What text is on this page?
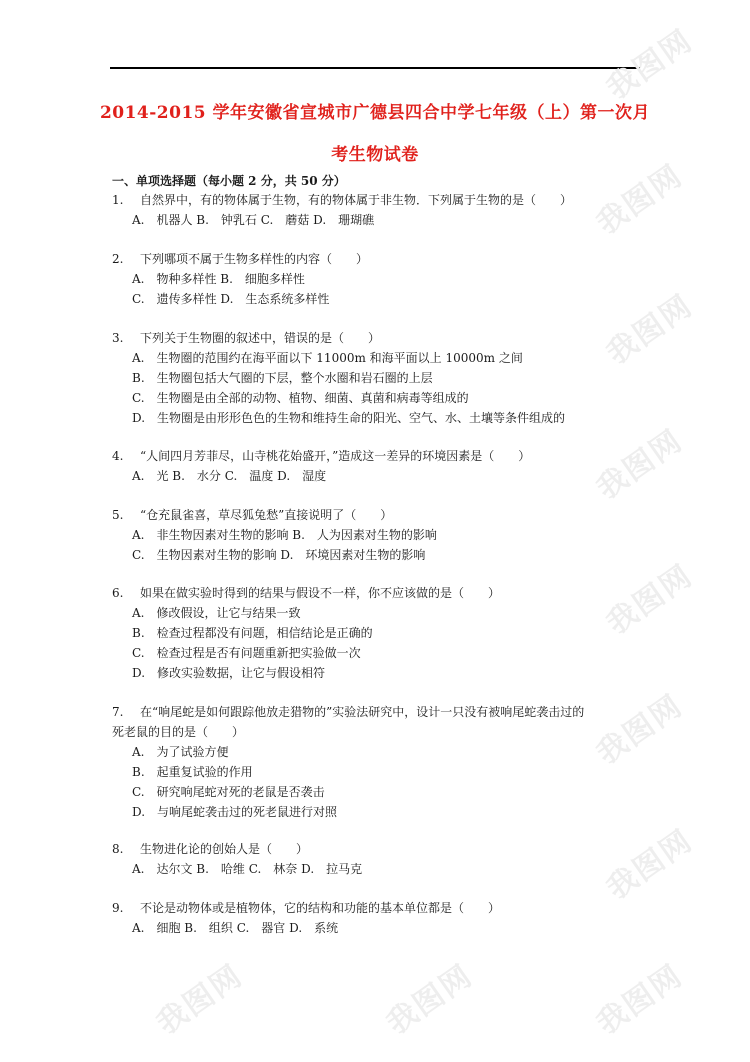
2014-2015 学年安徽省宣城市广德县四合中学七年级（上）第一次月
考生物试卷
一、单项选择题（每小题 2 分，共 50 分）
1. 自然界中，有的物体属于生物，有的物体属于非生物．下列属于生物的是（　　）
A.　机器人 B.　钟乳石 C.　蘑菇 D.　珊瑚礁
2. 下列哪项不属于生物多样性的内容（　　）
A.　物种多样性 B.　细胞多样性
C.　遗传多样性 D.　生态系统多样性
3. 下列关于生物圈的叙述中，错误的是（　　）
A.　生物圈的范围约在海平面以下 11000m 和海平面以上 10000m 之间
B.　生物圈包括大气圈的下层，整个水圈和岩石圈的上层
C.　生物圈是由全部的动物、植物、细菌、真菌和病毒等组成的
D.　生物圈是由形形色色的生物和维持生命的阳光、空气、水、土壤等条件组成的
4. “人间四月芳菲尽，山寺桃花始盛开，”造成这一差异的环境因素是（　　）
A.　光 B.　水分 C.　温度 D.　湿度
5. “仓充鼠雀喜，草尽狐兔愁”直接说明了（　　）
A.　非生物因素对生物的影响 B.　人为因素对生物的影响
C.　生物因素对生物的影响 D.　环境因素对生物的影响
6. 如果在做实验时得到的结果与假设不一样，你不应该做的是（　　）
A.　修改假设，让它与结果一致
B.　检查过程都没有问题，相信结论是正确的
C.　检查过程是否有问题重新把实验做一次
D.　修改实验数据，让它与假设相符
7. 在“响尾蛇是如何跟踪他放走猎物的”实验法研究中，设计一只没有被响尾蛇袭击过的
死老鼠的目的是（　　）
A.　为了试验方便
B.　起重复试验的作用
C.　研究响尾蛇对死的老鼠是否袭击
D.　与响尾蛇袭击过的死老鼠进行对照
8. 生物进化论的创始人是（　　）
A.　达尔文 B.　哈维 C.　林奈 D.　拉马克
9. 不论是动物体或是植物体，它的结构和功能的基本单位都是（　　）
A.　细胞 B.　组织 C.　器官 D.　系统
我图网
我图网
我图网
我图网
我图网
我图网
我图网
我图网
我图网	我图网
